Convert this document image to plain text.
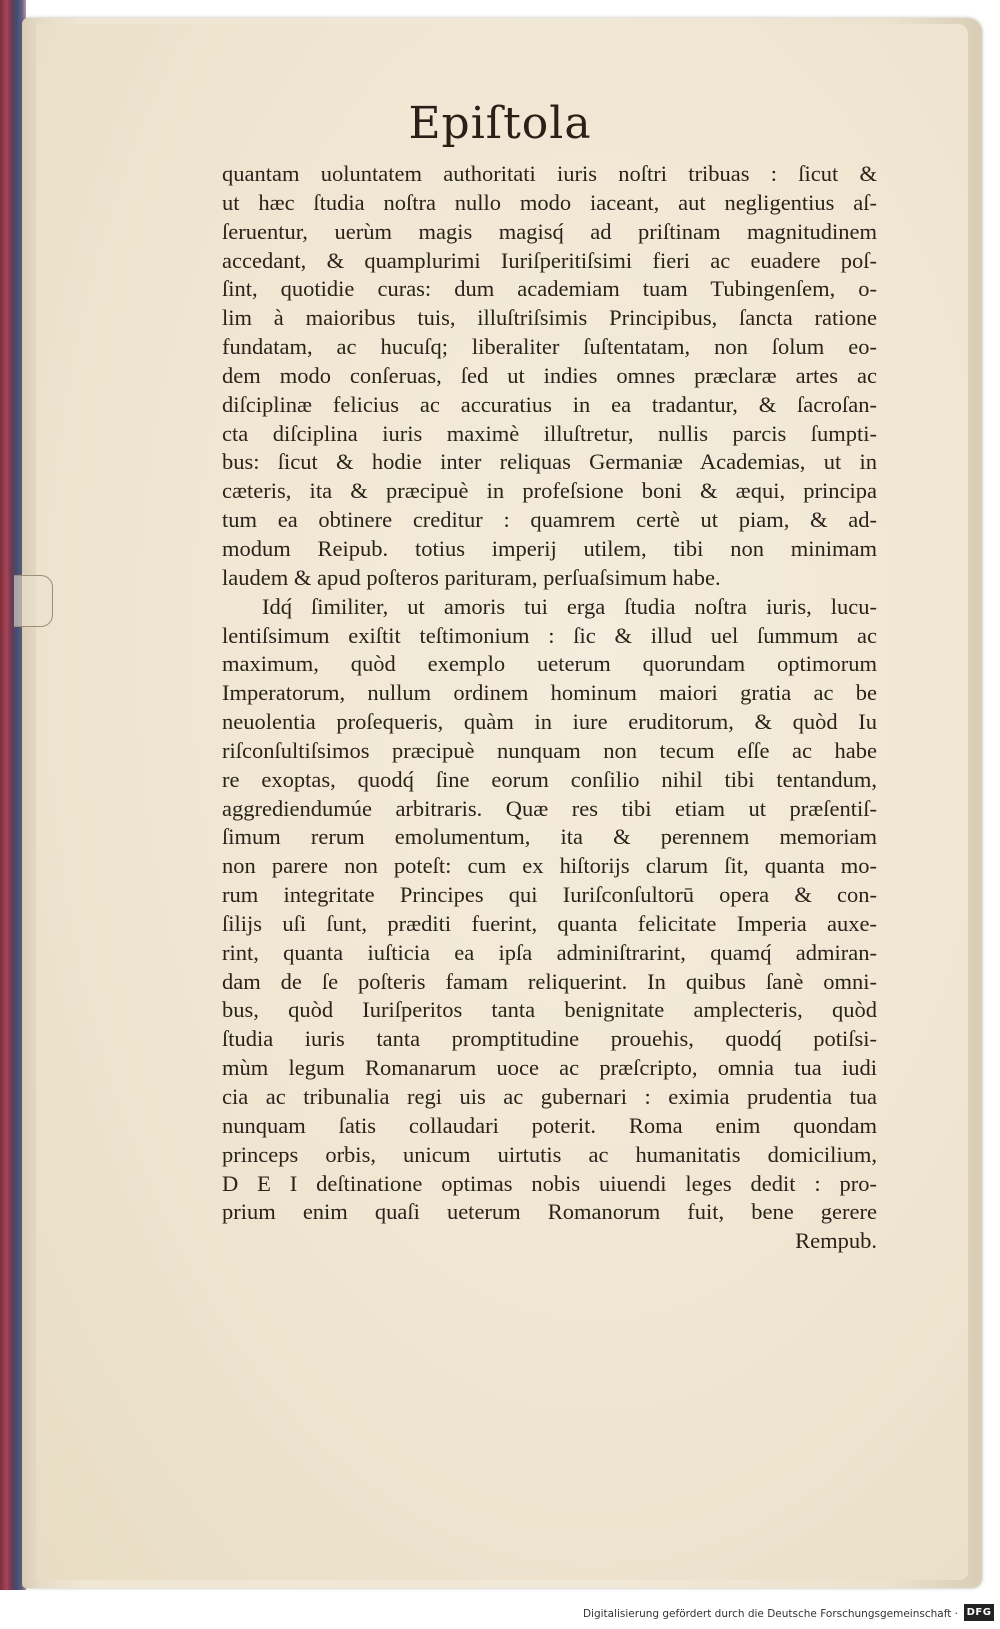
Epiſtola
quantam uoluntatem authoritati iuris noſtri tribuas : ſicut &
ut hæc ſtudia noſtra nullo modo iaceant, aut negligentius aſ-
ſeruentur, uerùm magis magisq́ ad priſtinam magnitudinem
accedant, & quamplurimi Iuriſperitiſsimi fieri ac euadere poſ-
ſint, quotidie curas: dum academiam tuam Tubingenſem, o-
lim à maioribus tuis, illuſtriſsimis Principibus, ſancta ratione
fundatam, ac hucuſq; liberaliter ſuſtentatam, non ſolum eo-
dem modo conſeruas, ſed ut indies omnes præclaræ artes ac
diſciplinæ felicius ac accuratius in ea tradantur, & ſacroſan-
cta diſciplina iuris maximè illuſtretur, nullis parcis ſumpti-
bus: ſicut & hodie inter reliquas Germaniæ Academias, ut in
cæteris, ita & præcipuè in profeſsione boni & æqui, principa
tum ea obtinere creditur : quamrem certè ut piam, & ad-
modum Reipub. totius imperij utilem, tibi non minimam
laudem & apud poſteros parituram, perſuaſsimum habe.
Idq́ ſimiliter, ut amoris tui erga ſtudia noſtra iuris, lucu-
lentiſsimum exiſtit teſtimonium : ſic & illud uel ſummum ac
maximum, quòd exemplo ueterum quorundam optimorum
Imperatorum, nullum ordinem hominum maiori gratia ac be
neuolentia proſequeris, quàm in iure eruditorum, & quòd Iu
riſconſultiſsimos præcipuè nunquam non tecum eſſe ac habe
re exoptas, quodq́ ſine eorum conſilio nihil tibi tentandum,
aggrediendumúe arbitraris. Quæ res tibi etiam ut præſentiſ-
ſimum rerum emolumentum, ita & perennem memoriam
non parere non poteſt: cum ex hiſtorijs clarum ſit, quanta mo-
rum integritate Principes qui Iuriſconſultorū opera & con-
ſilijs uſi ſunt, præditi fuerint, quanta felicitate Imperia auxe-
rint, quanta iuſticia ea ipſa adminiſtrarint, quamq́ admiran-
dam de ſe poſteris famam reliquerint. In quibus ſanè omni-
bus, quòd Iuriſperitos tanta benignitate amplecteris, quòd
ſtudia iuris tanta promptitudine prouehis, quodq́ potiſsi-
mùm legum Romanarum uoce ac præſcripto, omnia tua iudi
cia ac tribunalia regi uis ac gubernari : eximia prudentia tua
nunquam ſatis collaudari poterit. Roma enim quondam
princeps orbis, unicum uirtutis ac humanitatis domicilium,
D E I deſtinatione optimas nobis uiuendi leges dedit : pro-
prium enim quaſi ueterum Romanorum fuit, bene gerere
Rempub.
Digitalisierung gefördert durch die Deutsche Forschungsgemeinschaft · DFG
